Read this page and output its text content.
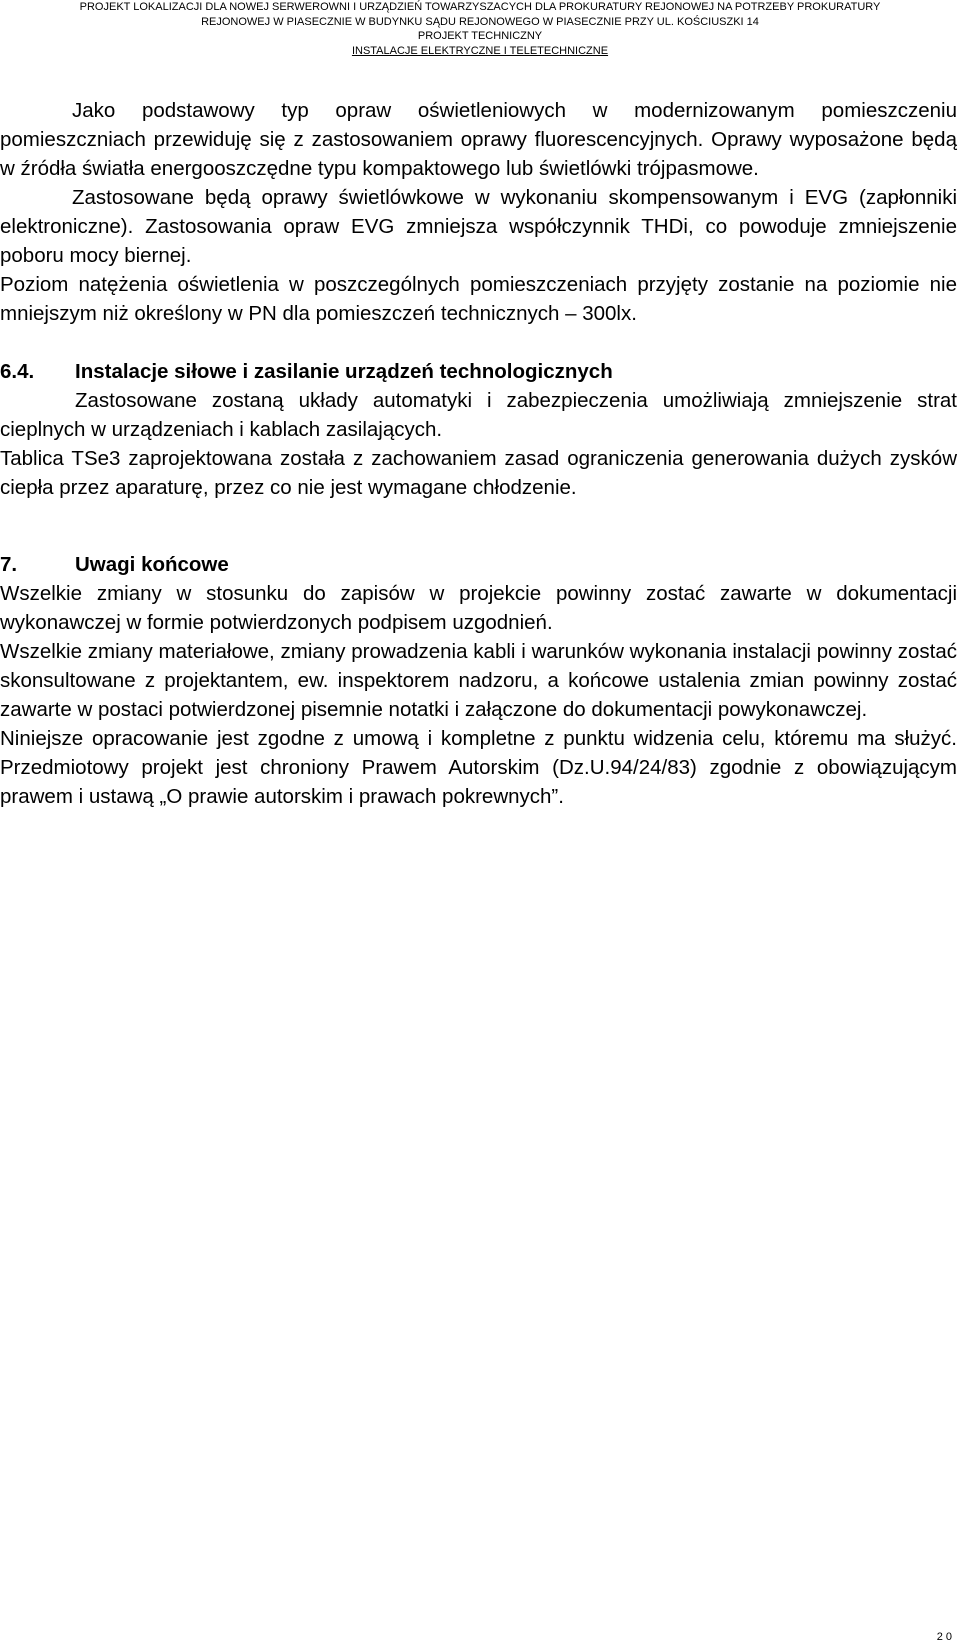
PROJEKT LOKALIZACJI DLA NOWEJ SERWEROWNI I URZĄDZIEŃ TOWARZYSZACYCH DLA PROKURATURY REJONOWEJ NA POTRZEBY PROKURATURY
REJONOWEJ W PIASECZNIE W BUDYNKU SĄDU REJONOWEGO W PIASECZNIE PRZY UL. KOŚCIUSZKI 14
PROJEKT TECHNICZNY
INSTALACJE ELEKTRYCZNE I TELETECHNICZNE

Jako podstawowy typ opraw oświetleniowych w modernizowanym pomieszczeniu pomieszczniach przewiduję się z zastosowaniem oprawy fluorescencyjnych. Oprawy wyposażone będą w źródła światła energooszczędne typu kompaktowego lub świetlówki trójpasmowe.

Zastosowane będą oprawy świetlówkowe w wykonaniu skompensowanym i EVG (zapłonniki elektroniczne). Zastosowania opraw EVG zmniejsza współczynnik THDi, co powoduje zmniejszenie poboru mocy biernej.

Poziom natężenia oświetlenia w poszczególnych pomieszczeniach przyjęty zostanie na poziomie nie mniejszym niż określony w PN dla pomieszczeń technicznych – 300lx.

6.4. Instalacje siłowe i zasilanie urządzeń technologicznych

Zastosowane zostaną układy automatyki i zabezpieczenia umożliwiają zmniejszenie strat cieplnych w urządzeniach i kablach zasilających.

Tablica TSe3 zaprojektowana została z zachowaniem zasad ograniczenia generowania dużych zysków ciepła przez aparaturę, przez co nie jest wymagane chłodzenie.

7.	Uwagi końcowe

Wszelkie zmiany w stosunku do zapisów w projekcie powinny zostać zawarte w dokumentacji wykonawczej w formie potwierdzonych podpisem uzgodnień.

Wszelkie zmiany materiałowe, zmiany prowadzenia kabli i warunków wykonania instalacji powinny zostać skonsultowane z projektantem, ew. inspektorem nadzoru, a końcowe ustalenia zmian powinny zostać zawarte w postaci potwierdzonej pisemnie notatki i załączone do dokumentacji powykonawczej.

Niniejsze opracowanie jest zgodne z umową i kompletne z punktu widzenia celu, któremu ma służyć. Przedmiotowy projekt jest chroniony Prawem Autorskim (Dz.U.94/24/83) zgodnie z obowiązującym prawem i ustawą „O prawie autorskim i prawach pokrewnych”.

20
